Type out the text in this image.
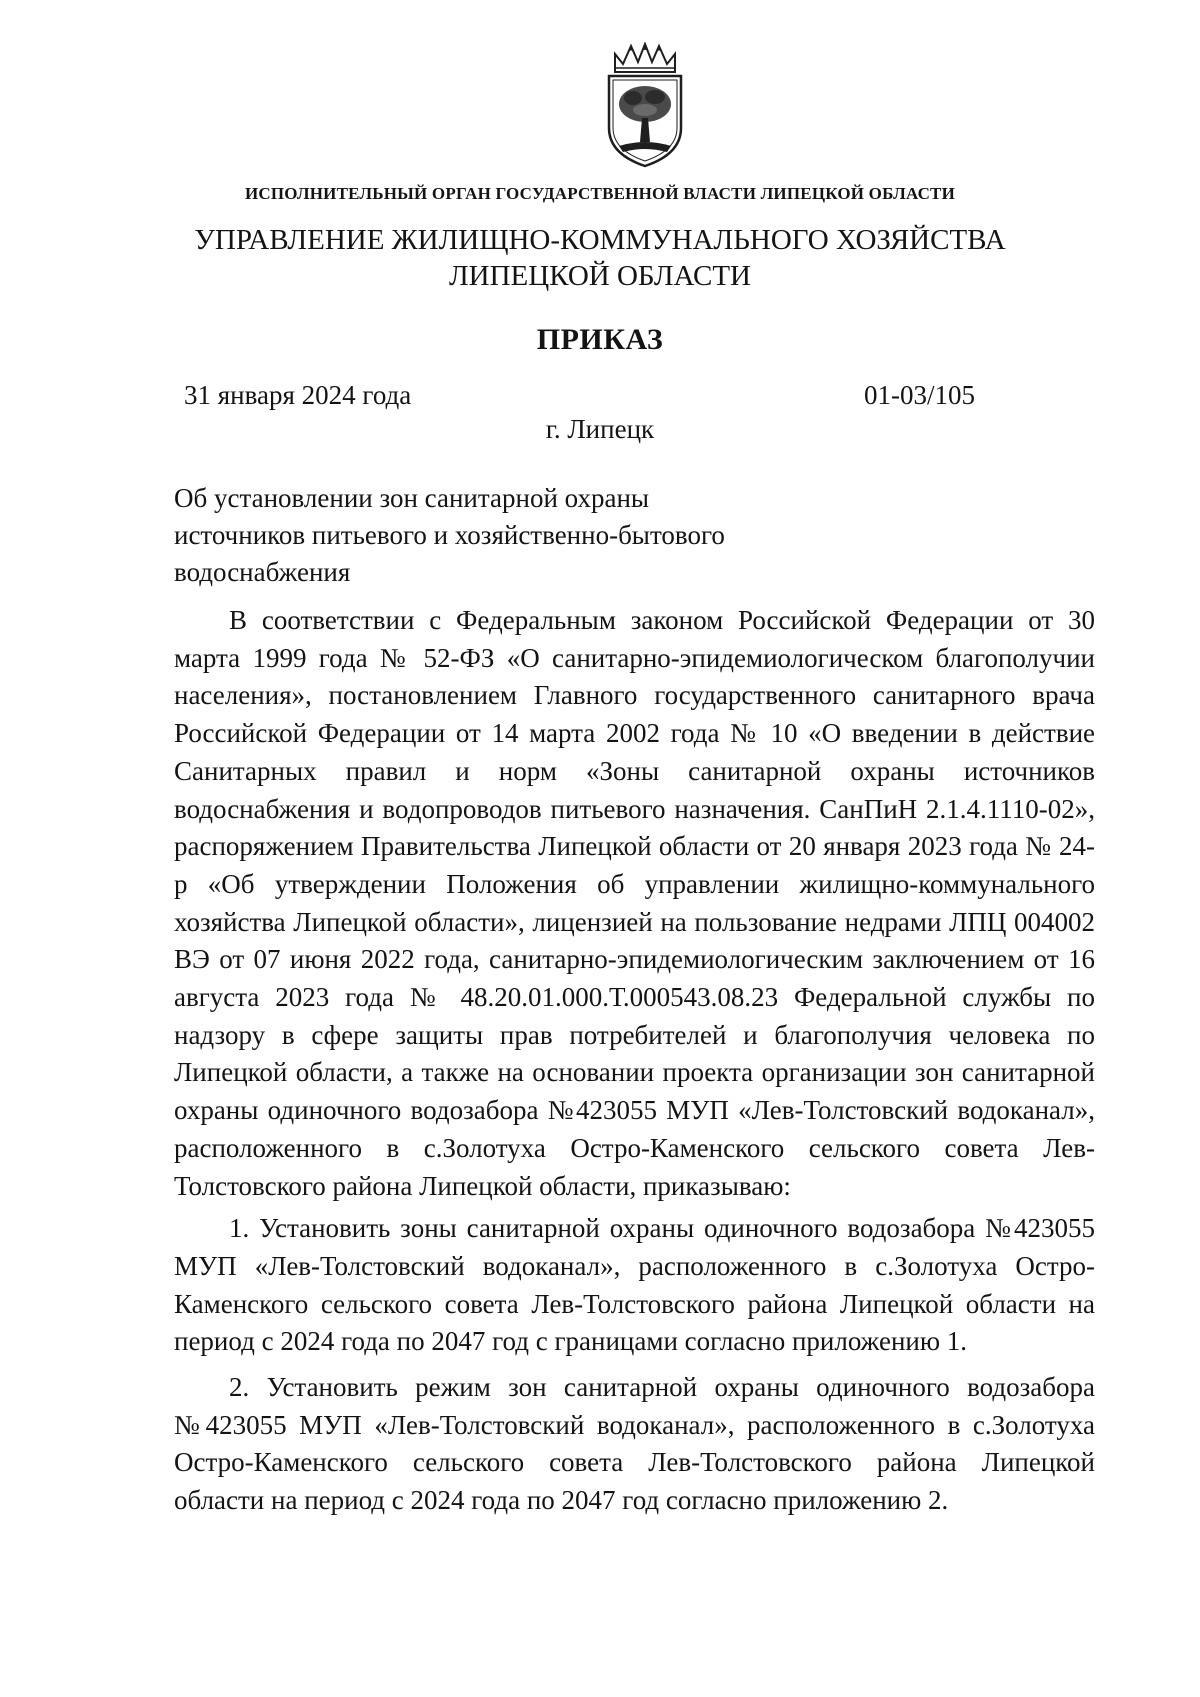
ИСПОЛНИТЕЛЬНЫЙ ОРГАН ГОСУДАРСТВЕННОЙ ВЛАСТИ ЛИПЕЦКОЙ ОБЛАСТИ
УПРАВЛЕНИЕ ЖИЛИЩНО-КОММУНАЛЬНОГО ХОЗЯЙСТВА
ЛИПЕЦКОЙ ОБЛАСТИ
ПРИКАЗ
31 января 2024 года	01-03/105
г. Липецк
Об установлении зон санитарной охраны
источников питьевого и хозяйственно-бытового
водоснабжения

В соответствии с Федеральным законом Российской Федерации от 30 марта 1999 года № 52-ФЗ «О санитарно-эпидемиологическом благополучии населения», постановлением Главного государственного санитарного врача Российской Федерации от 14 марта 2002 года № 10 «О введении в действие Санитарных правил и норм «Зоны санитарной охраны источников водоснабжения и водопроводов питьевого назначения. СанПиН 2.1.4.1110-02», распоряжением Правительства Липецкой области от 20 января 2023 года № 24-р «Об утверждении Положения об управлении жилищно-коммунального хозяйства Липецкой области», лицензией на пользование недрами ЛПЦ 004002 ВЭ от 07 июня 2022 года, санитарно-эпидемиологическим заключением от 16 августа 2023 года № 48.20.01.000.Т.000543.08.23 Федеральной службы по надзору в сфере защиты прав потребителей и благополучия человека по Липецкой области, а также на основании проекта организации зон санитарной охраны одиночного водозабора №423055 МУП «Лев-Толстовский водоканал», расположенного в с.Золотуха Остро-Каменского сельского совета Лев-Толстовского района Липецкой области, приказываю:

1. Установить зоны санитарной охраны одиночного водозабора №423055 МУП «Лев-Толстовский водоканал», расположенного в с.Золотуха Остро-Каменского сельского совета Лев-Толстовского района Липецкой области на период с 2024 года по 2047 год с границами согласно приложению 1.

2. Установить режим зон санитарной охраны одиночного водозабора №423055 МУП «Лев-Толстовский водоканал», расположенного в с.Золотуха Остро-Каменского сельского совета Лев-Толстовского района Липецкой области на период с 2024 года по 2047 год согласно приложению 2.
